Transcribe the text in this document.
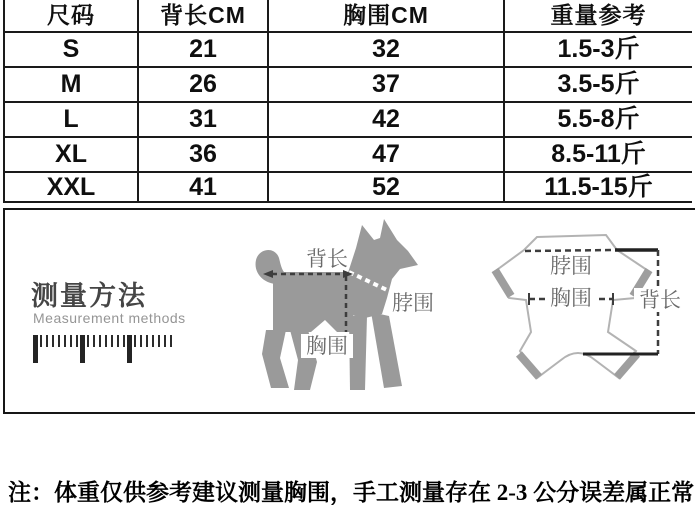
尺码	背长CM	胸围CM	重量参考
S	21	32	1.5-3斤
M	26	37	3.5-5斤
L	31	42	5.5-8斤
XL	36	47	8.5-11斤
XXL	41	52	11.5-15斤
测量方法
Measurement methods
背长
脖围
胸围
脖围
胸围 背长
注：体重仅供参考建议测量胸围，手工测量存在 2-3 公分误差属正常
